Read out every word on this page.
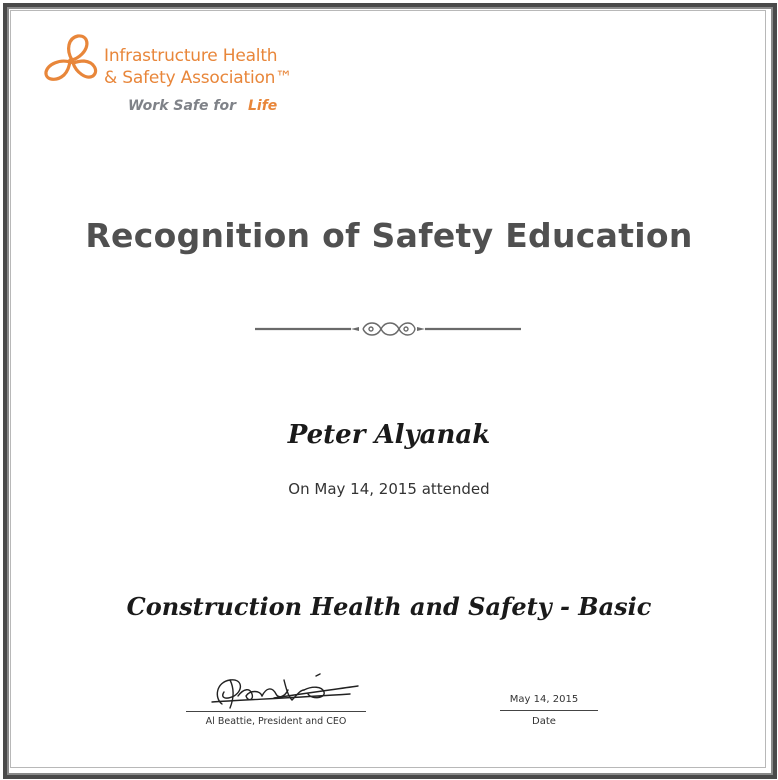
Infrastructure Health
& Safety Association™
Work Safe for Life
Recognition of Safety Education
Peter Alyanak
On May 14, 2015 attended
Construction Health and Safety - Basic
Al Beattie, President and CEO
May 14, 2015
Date
